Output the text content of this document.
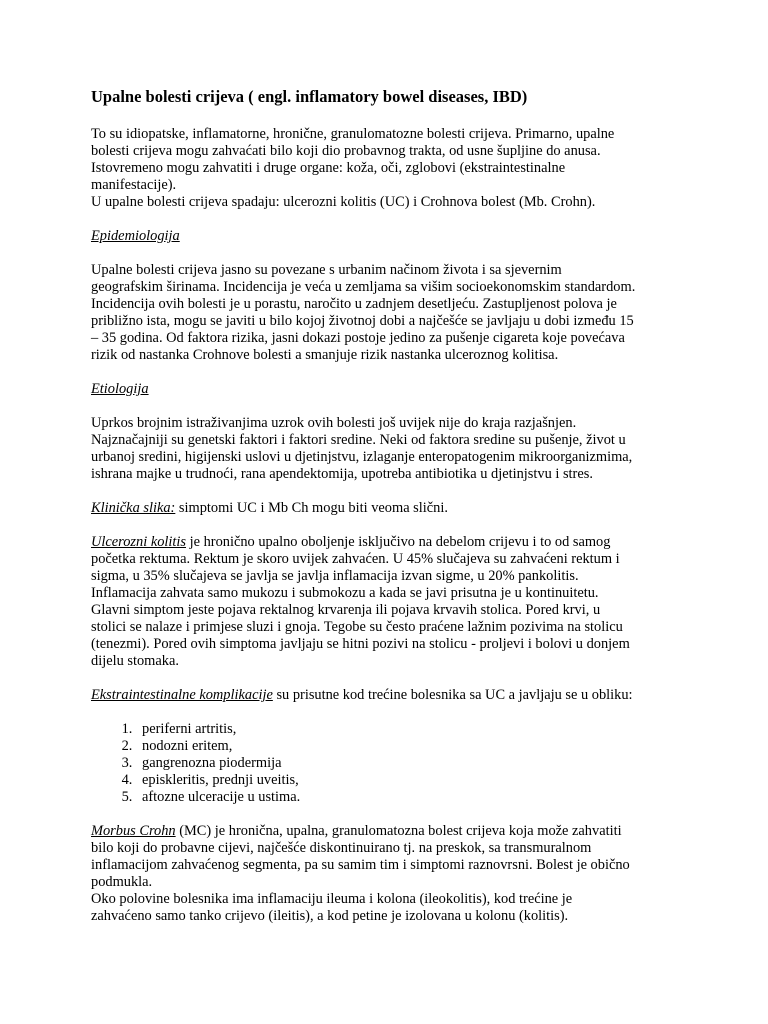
Upalne bolesti crijeva ( engl. inflamatory bowel diseases, IBD)

To su idiopatske, inflamatorne, hronične, granulomatozne bolesti crijeva. Primarno, upalne
bolesti crijeva mogu zahvaćati bilo koji dio probavnog trakta, od usne šupljine do anusa.
Istovremeno mogu zahvatiti i druge organe: koža, oči, zglobovi (ekstraintestinalne
manifestacije).
U upalne bolesti crijeva spadaju: ulcerozni kolitis (UC) i Crohnova bolest (Mb. Crohn).

Epidemiologija

Upalne bolesti crijeva jasno su povezane s urbanim načinom života i sa sjevernim
geografskim širinama. Incidencija je veća u zemljama sa višim socioekonomskim standardom.
Incidencija ovih bolesti je u porastu, naročito u zadnjem desetljeću. Zastupljenost polova je
približno ista, mogu se javiti u bilo kojoj životnoj dobi a najčešće se javljaju u dobi između 15
– 35 godina. Od faktora rizika, jasni dokazi postoje jedino za pušenje cigareta koje povećava
rizik od nastanka Crohnove bolesti a smanjuje rizik nastanka ulceroznog kolitisa.

Etiologija

Uprkos brojnim istraživanjima uzrok ovih bolesti još uvijek nije do kraja razjašnjen.
Najznačajniji su genetski faktori i faktori sredine. Neki od faktora sredine su pušenje, život u
urbanoj sredini, higijenski uslovi u djetinjstvu, izlaganje enteropatogenim mikroorganizmima,
ishrana majke u trudnoći, rana apendektomija, upotreba antibiotika u djetinjstvu i stres.

Klinička slika: simptomi UC i Mb Ch mogu biti veoma slični.

Ulcerozni kolitis je hronično upalno oboljenje isključivo na debelom crijevu i to od samog
početka rektuma. Rektum je skoro uvijek zahvaćen. U 45% slučajeva su zahvaćeni rektum i
sigma, u 35% slučajeva se javlja se javlja inflamacija izvan sigme, u 20% pankolitis.
Inflamacija zahvata samo mukozu i submokozu a kada se javi prisutna je u kontinuitetu.
Glavni simptom jeste pojava rektalnog krvarenja ili pojava krvavih stolica. Pored krvi, u
stolici se nalaze i primjese sluzi i gnoja. Tegobe su često praćene lažnim pozivima na stolicu
(tenezmi). Pored ovih simptoma javljaju se hitni pozivi na stolicu - proljevi i bolovi u donjem
dijelu stomaka.

Ekstraintestinalne komplikacije su prisutne kod trećine bolesnika sa UC a javljaju se u obliku:

1. periferni artritis,
2. nodozni eritem,
3. gangrenozna piodermija
4. episkleritis, prednji uveitis,
5. aftozne ulceracije u ustima.

Morbus Crohn (MC) je hronična, upalna, granulomatozna bolest crijeva koja može zahvatiti
bilo koji do probavne cijevi, najčešće diskontinuirano tj. na preskok, sa transmuralnom
inflamacijom zahvaćenog segmenta, pa su samim tim i simptomi raznovrsni. Bolest je obično
podmukla.
Oko polovine bolesnika ima inflamaciju ileuma i kolona (ileokolitis), kod trećine je
zahvaćeno samo tanko crijevo (ileitis), a kod petine je izolovana u kolonu (kolitis).
